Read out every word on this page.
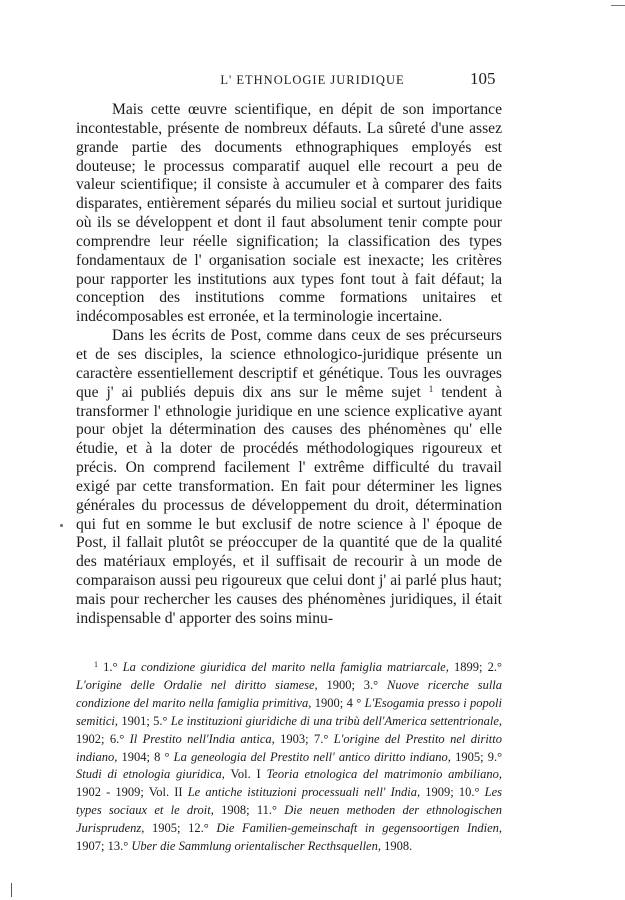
L' ETHNOLOGIE JURIDIQUE	105

Mais cette œuvre scientifique, en dépit de son importance incontestable, présente de nombreux défauts. La sûreté d'une assez grande partie des documents ethnographiques employés est douteuse; le processus comparatif auquel elle recourt a peu de valeur scientifique; il consiste à accumuler et à comparer des faits disparates, entièrement séparés du milieu social et surtout juridique où ils se développent et dont il faut absolument tenir compte pour comprendre leur réelle signification; la classification des types fondamentaux de l' organisation sociale est inexacte; les critères pour rapporter les institutions aux types font tout à fait défaut; la conception des institutions comme formations unitaires et indécomposables est erronée, et la terminologie incertaine.

Dans les écrits de Post, comme dans ceux de ses précurseurs et de ses disciples, la science ethnologico-juridique présente un caractère essentiellement descriptif et génétique. Tous les ouvrages que j' ai publiés depuis dix ans sur le même sujet $^1$ tendent à transformer l' ethnologie juridique en une science explicative ayant pour objet la détermination des causes des phénomènes qu' elle étudie, et à la doter de procédés méthodologiques rigoureux et précis. On comprend facilement l' extrême difficulté du travail exigé par cette transformation. En fait pour déterminer les lignes générales du processus de développement du droit, détermination qui fut en somme le but exclusif de notre science à l' époque de Post, il fallait plutôt se préoccuper de la quantité que de la qualité des matériaux employés, et il suffisait de recourir à un mode de comparaison aussi peu rigoureux que celui dont j' ai parlé plus haut; mais pour rechercher les causes des phénomènes juridiques, il était indispensable d' apporter des soins minu-

$^1$ 1.° La condizione giuridica del marito nella famiglia matriarcale, 1899; 2.° L'origine delle Ordalie nel diritto siamese, 1900; 3.° Nuove ricerche sulla condizione del marito nella famiglia primitiva, 1900; 4 ° L'Esogamia presso i popoli semitici, 1901; 5.° Le instituzioni giuridiche di una tribù dell'America settentrionale, 1902; 6.° Il Prestito nell'India antica, 1903; 7.° L'origine del Prestito nel diritto indiano, 1904; 8 ° La geneologia del Prestito nell' antico diritto indiano, 1905; 9.° Studi di etnologia giuridica, Vol. I Teoria etnologica del matrimonio ambiliano, 1902 - 1909; Vol. II Le antiche istituzioni processuali nell' India, 1909; 10.° Les types sociaux et le droit, 1908; 11.° Die neuen methoden der ethnologischen Jurisprudenz, 1905; 12.° Die Familien-gemeinschaft in gegensoortigen Indien, 1907; 13.° Uber die Sammlung orientalischer Recthsquellen, 1908.
